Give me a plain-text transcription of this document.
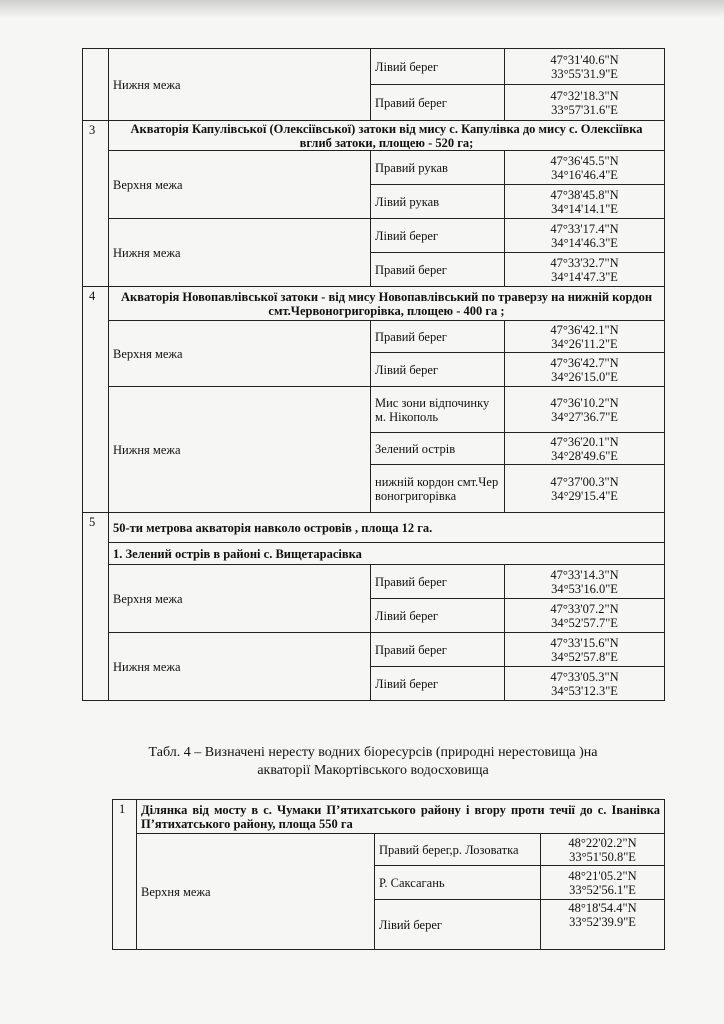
	Нижня межа	Лівий берег	47°31'40.6"N
33°55'31.9"E
		Правий берег	47°32'18.3"N
33°57'31.6"E
3	Акваторія Капулівської (Олексіївської) затоки від мису с. Капулівка до мису с. Олексіївка вглиб затоки, площею - 520 га;		
	Верхня межа	Правий рукав	47°36'45.5"N
34°16'46.4"E
		Лівий рукав	47°38'45.8"N
34°14'14.1"E
	Нижня межа	Лівий берег	47°33'17.4"N
34°14'46.3"E
		Правий берег	47°33'32.7"N
34°14'47.3"E
4	Акваторія Новопавлівської затоки - від мису Новопавлівський по траверзу на нижній кордон смт.Червоногригорівка, площею - 400 га ;		
	Верхня межа	Правий берег	47°36'42.1"N
34°26'11.2"E
		Лівий берег	47°36'42.7"N
34°26'15.0"E
	Нижня межа	Мис зони відпочинку м. Нікополь	47°36'10.2"N
34°27'36.7"E
		Зелений острів	47°36'20.1"N
34°28'49.6"E
		нижній кордон смт.Червоногригорівка	47°37'00.3"N
34°29'15.4"E
5	50-ти метрова акваторія навколо островів , площа 12 га.		
	1. Зелений острів в районі с. Вищетарасівка		
	Верхня межа	Правий берег	47°33'14.3"N
34°53'16.0"E
		Лівий берег	47°33'07.2"N
34°52'57.7"E
	Нижня межа	Правий берег	47°33'15.6"N
34°52'57.8"E
		Лівий берег	47°33'05.3"N
34°53'12.3"E
Табл. 4 – Визначені нересту водних біоресурсів (природні нерестовища )на
акваторії Макортівського водосховища
1	Ділянка від мосту в с. Чумаки П’ятихатського району і вгору проти течії до с. Іванівка П’ятихатського району, площа 550 га		
	Верхня межа	Правий берег,р. Лозоватка	48°22'02.2"N
33°51'50.8"E
		Р. Саксагань	48°21'05.2"N
33°52'56.1"E
		Лівий берег	48°18'54.4"N
33°52'39.9"E
